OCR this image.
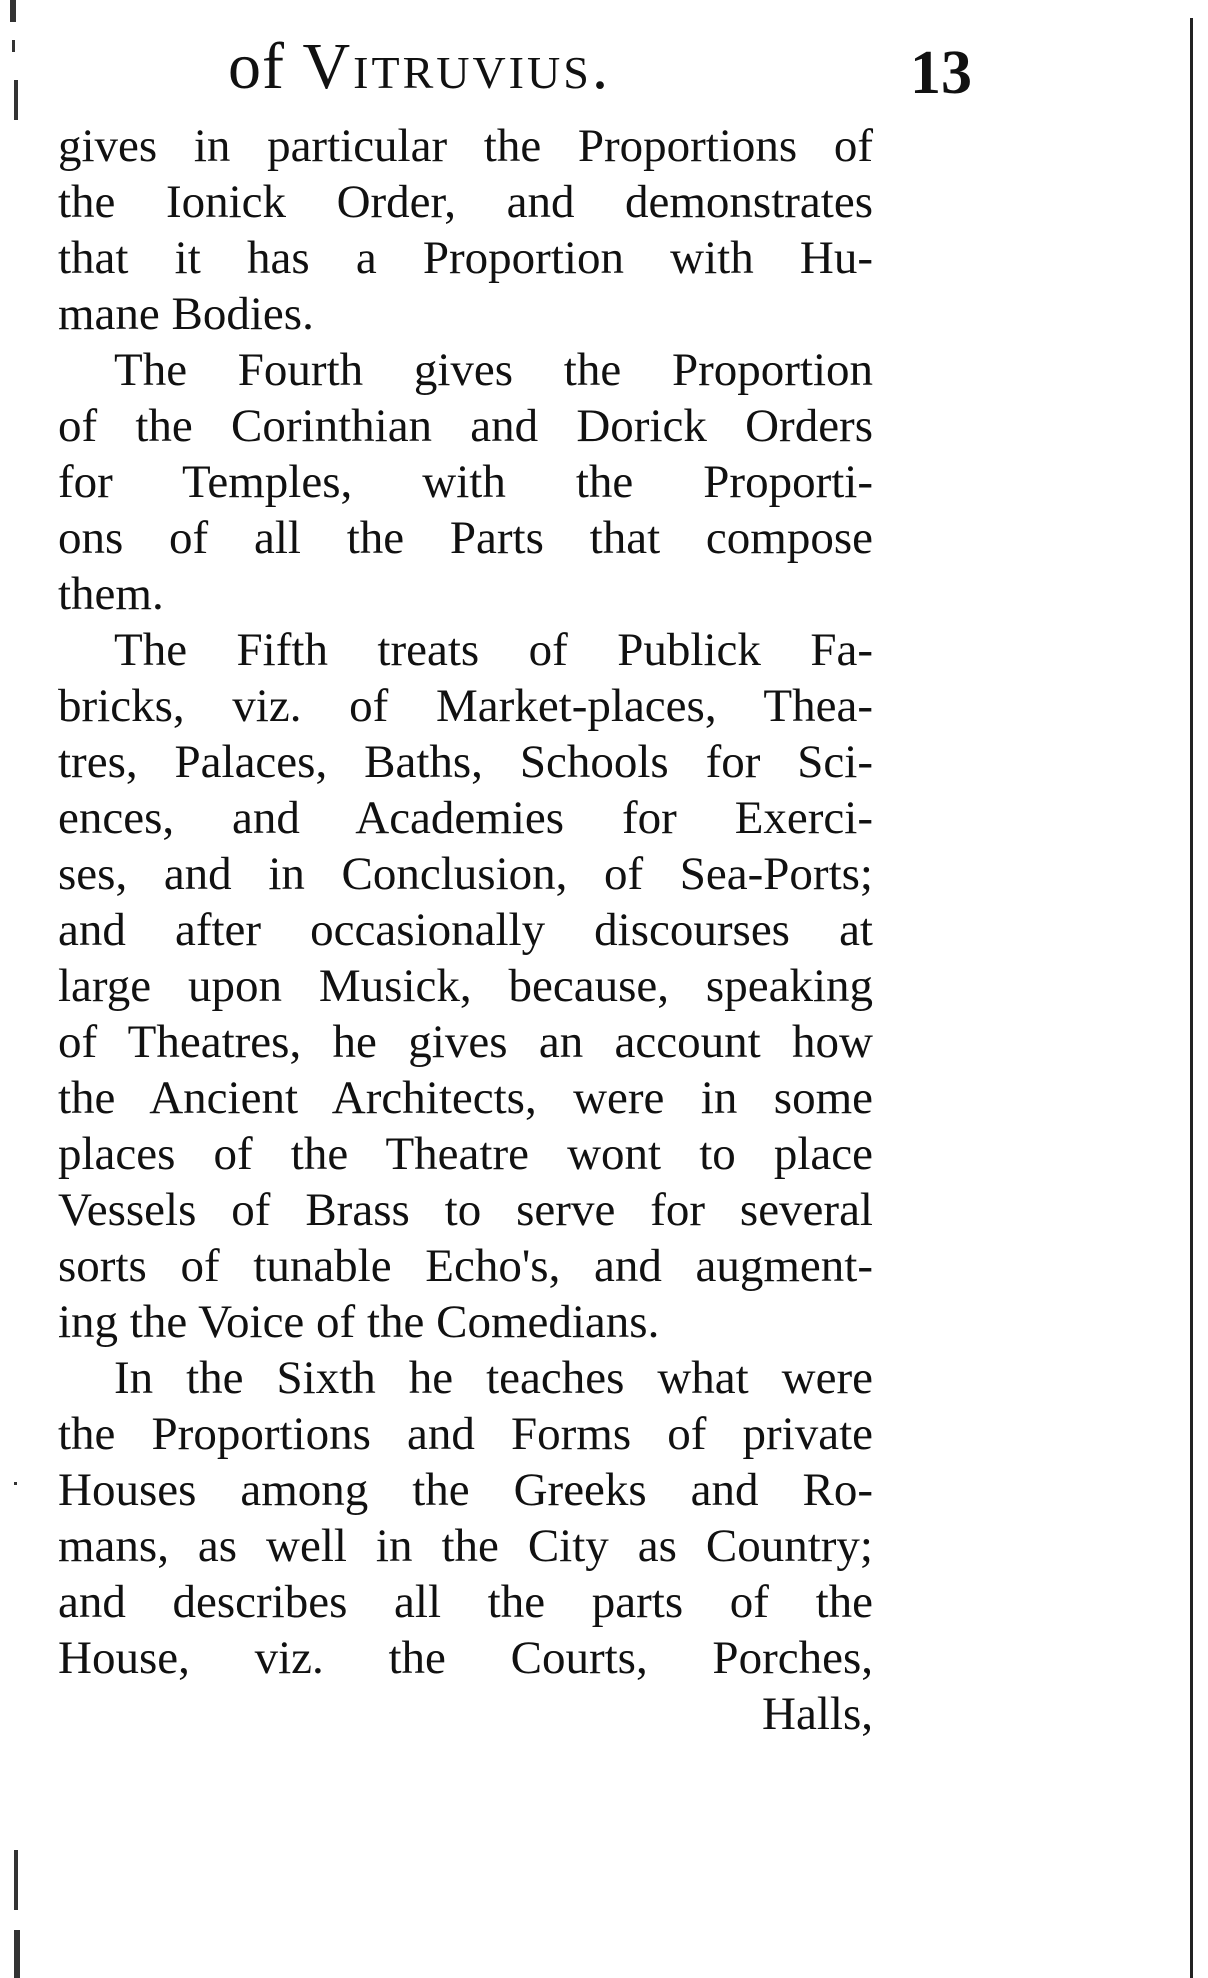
of Vitruvius.	13
gives in particular the Proportions of
the Ionick Order, and demonstrates
that it has a Proportion with Hu-
mane Bodies.
The Fourth gives the Proportion
of the Corinthian and Dorick Orders
for Temples, with the Proporti-
ons of all the Parts that compose
them.
The Fifth treats of Publick Fa-
bricks, viz. of Market-places, Thea-
tres, Palaces, Baths, Schools for Sci-
ences, and Academies for Exerci-
ses, and in Conclusion, of Sea-Ports;
and after occasionally discourses at
large upon Musick, because, speaking
of Theatres, he gives an account how
the Ancient Architects, were in some
places of the Theatre wont to place
Vessels of Brass to serve for several
sorts of tunable Echo's, and augment-
ing the Voice of the Comedians.
In the Sixth he teaches what were
the Proportions and Forms of private
Houses among the Greeks and Ro-
mans, as well in the City as Country;
and describes all the parts of the
House, viz. the Courts, Porches,
Halls,
